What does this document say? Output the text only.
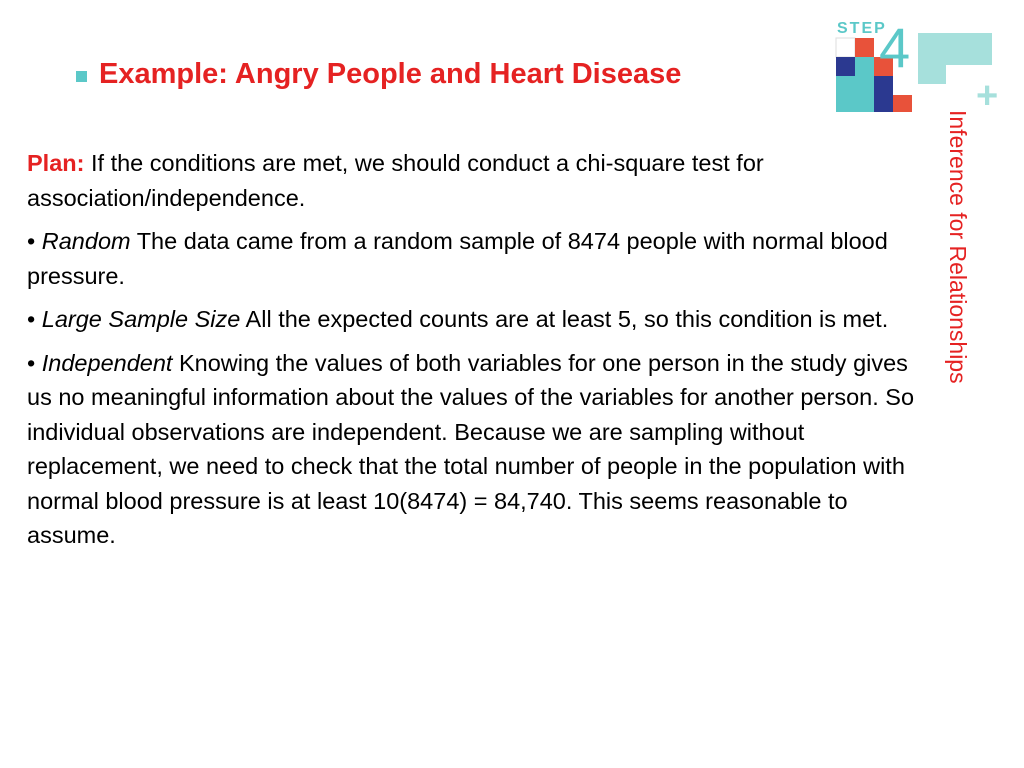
Example: Angry People and Heart Disease
STEP
4
+
Inference for Relationships

Plan: If the conditions are met, we should conduct a chi-square test for association/independence.

• Random The data came from a random sample of 8474 people with normal blood pressure.

• Large Sample Size All the expected counts are at least 5, so this condition is met.

• Independent Knowing the values of both variables for one person in the study gives us no meaningful information about the values of the variables for another person. So individual observations are independent. Because we are sampling without replacement, we need to check that the total number of people in the population with normal blood pressure is at least 10(8474) = 84,740. This seems reasonable to assume.
